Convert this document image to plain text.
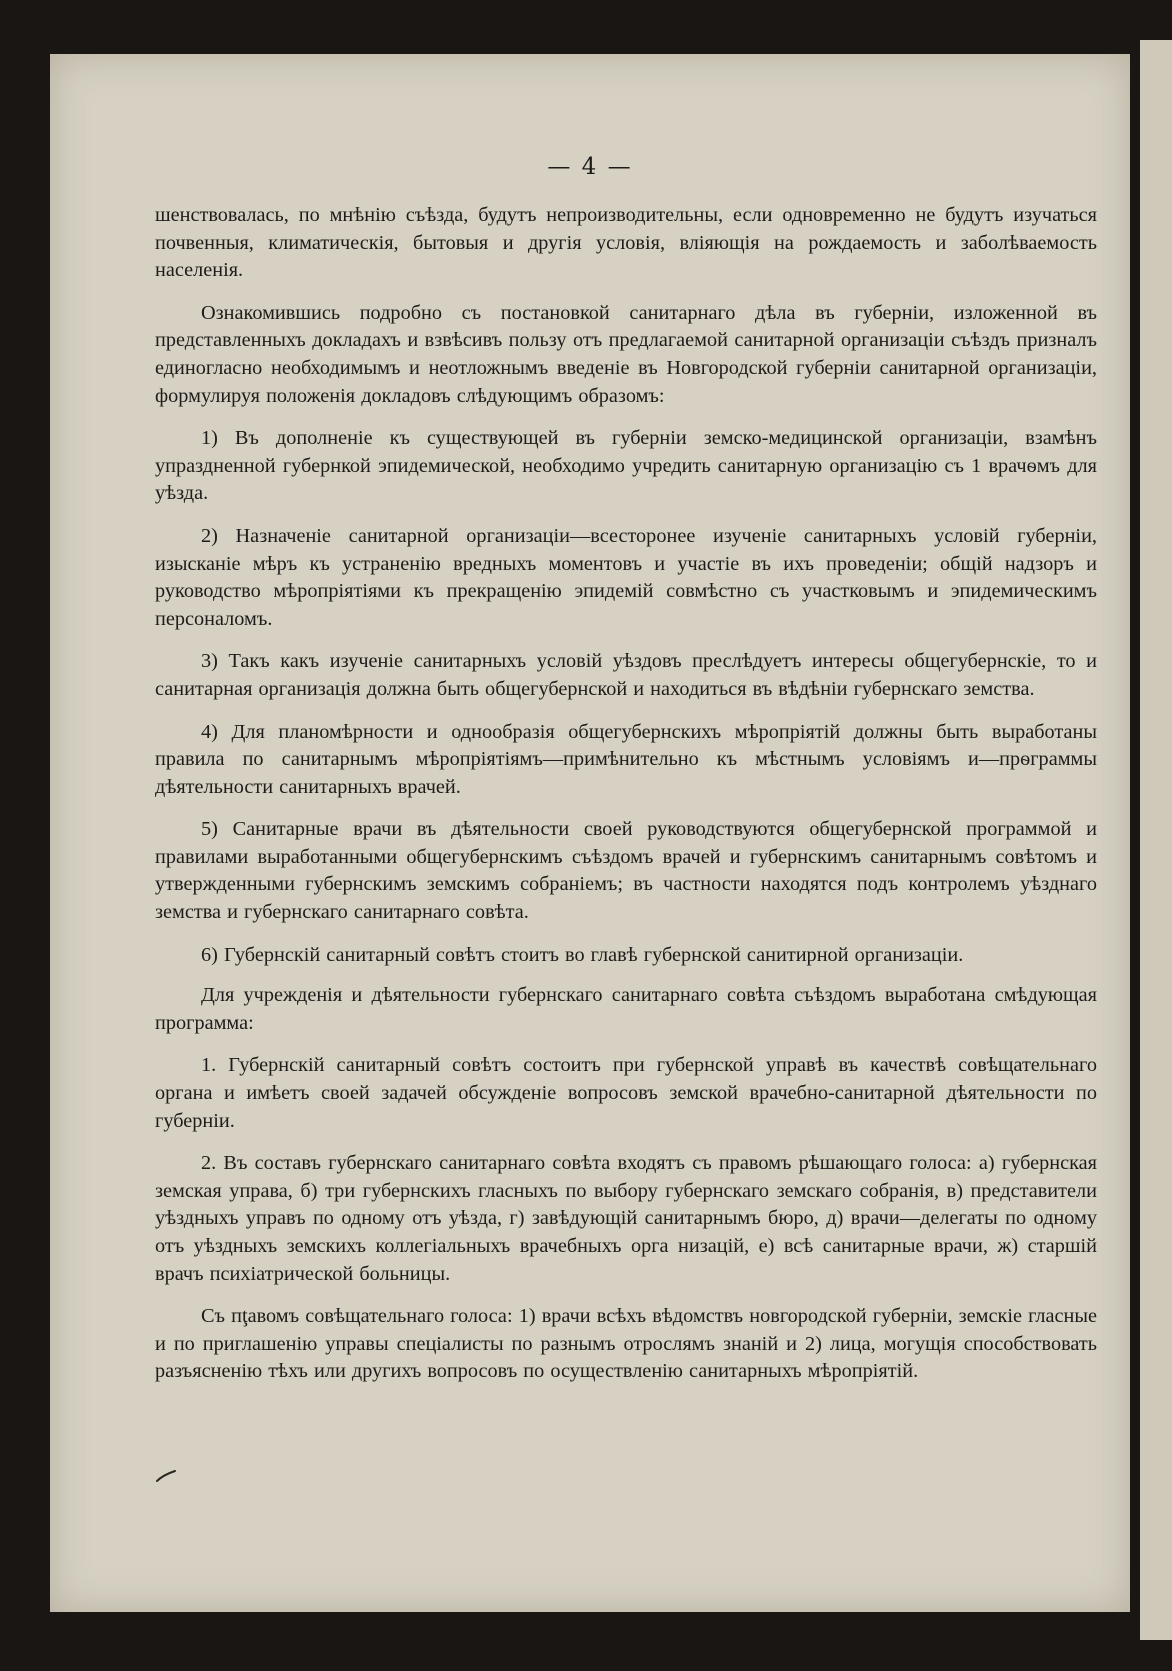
— 4 —

шенствовалась, по мнѣнію съѣзда, будутъ непроизводительны, если одновременно не будутъ изучаться почвенныя, климатическія, бытовыя и другія условія, вліяющія на рождаемость и заболѣваемость населенія.

Ознакомившись подробно съ постановкой санитарнаго дѣла въ губерніи, изложенной въ представленныхъ докладахъ и взвѣсивъ пользу отъ предлагаемой санитарной организаціи съѣздъ призналъ единогласно необходимымъ и неотложнымъ введеніе въ Новгородской губерніи санитарной организаціи, формулируя положенія докладовъ слѣдующимъ образомъ:

1) Въ дополненіе къ существующей въ губерніи земско-медицинской организаціи, взамѣнъ упраздненной губернкой эпидемической, необходимо учредить санитарную организацію съ 1 врачѳмъ для уѣзда.

2) Назначеніе санитарной организаціи—всесторонее изученіе санитарныхъ условій губерніи, изысканіе мѣръ къ устраненію вредныхъ моментовъ и участіе въ ихъ проведеніи; общій надзоръ и руководство мѣропріятіями къ прекращенію эпидемій совмѣстно съ участковымъ и эпидемическимъ персоналомъ.

3) Такъ какъ изученіе санитарныхъ условій уѣздовъ преслѣдуетъ интересы общегубернскіе, то и санитарная организація должна быть общегубернской и находиться въ вѣдѣніи губернскаго земства.

4) Для планомѣрности и однообразія общегубернскихъ мѣропріятій должны быть выработаны правила по санитарнымъ мѣропріятіямъ—примѣнительно къ мѣстнымъ условіямъ и—прѳграммы дѣятельности санитарныхъ врачей.

5) Санитарные врачи въ дѣятельности своей руководствуются общегубернской программой и правилами выработанными общегубернскимъ съѣздомъ врачей и губернскимъ санитарнымъ совѣтомъ и утвержденными губернскимъ земскимъ собраніемъ; въ частности находятся подъ контролемъ уѣзднаго земства и губернскаго санитарнаго совѣта.

6) Губернскій санитарный совѣтъ стоитъ во главѣ губернской санитирной организаціи.

Для учрежденія и дѣятельности губернскаго санитарнаго совѣта съѣздомъ выработана смѣдующая программа:

1. Губернскій санитарный совѣтъ состоитъ при губернской управѣ въ качествѣ совѣщательнаго органа и имѣетъ своей задачей обсужденіе вопросовъ земской врачебно-санитарной дѣятельности по губерніи.

2. Въ составъ губернскаго санитарнаго совѣта входятъ съ правомъ рѣшающаго голоса: а) губернская земская управа, б) три губернскихъ гласныхъ по выбору губернскаго земскаго собранія, в) представители уѣздныхъ управъ по одному отъ уѣзда, г) завѣдующій санитарнымъ бюро, д) врачи—делегаты по одному отъ уѣздныхъ земскихъ коллегіальныхъ врачебныхъ орга низацій, е) всѣ санитарные врачи, ж) старшій врачъ психіатрической больницы.

Съ пţавомъ совѣщательнаго голоса: 1) врачи всѣхъ вѣдомствъ новгородской губерніи, земскіе гласные и по приглашенію управы спеціалисты по разнымъ отрослямъ знаній и 2) лица, могущія способствовать разъясненію тѣхъ или другихъ вопросовъ по осуществленію санитарныхъ мѣропріятій.
